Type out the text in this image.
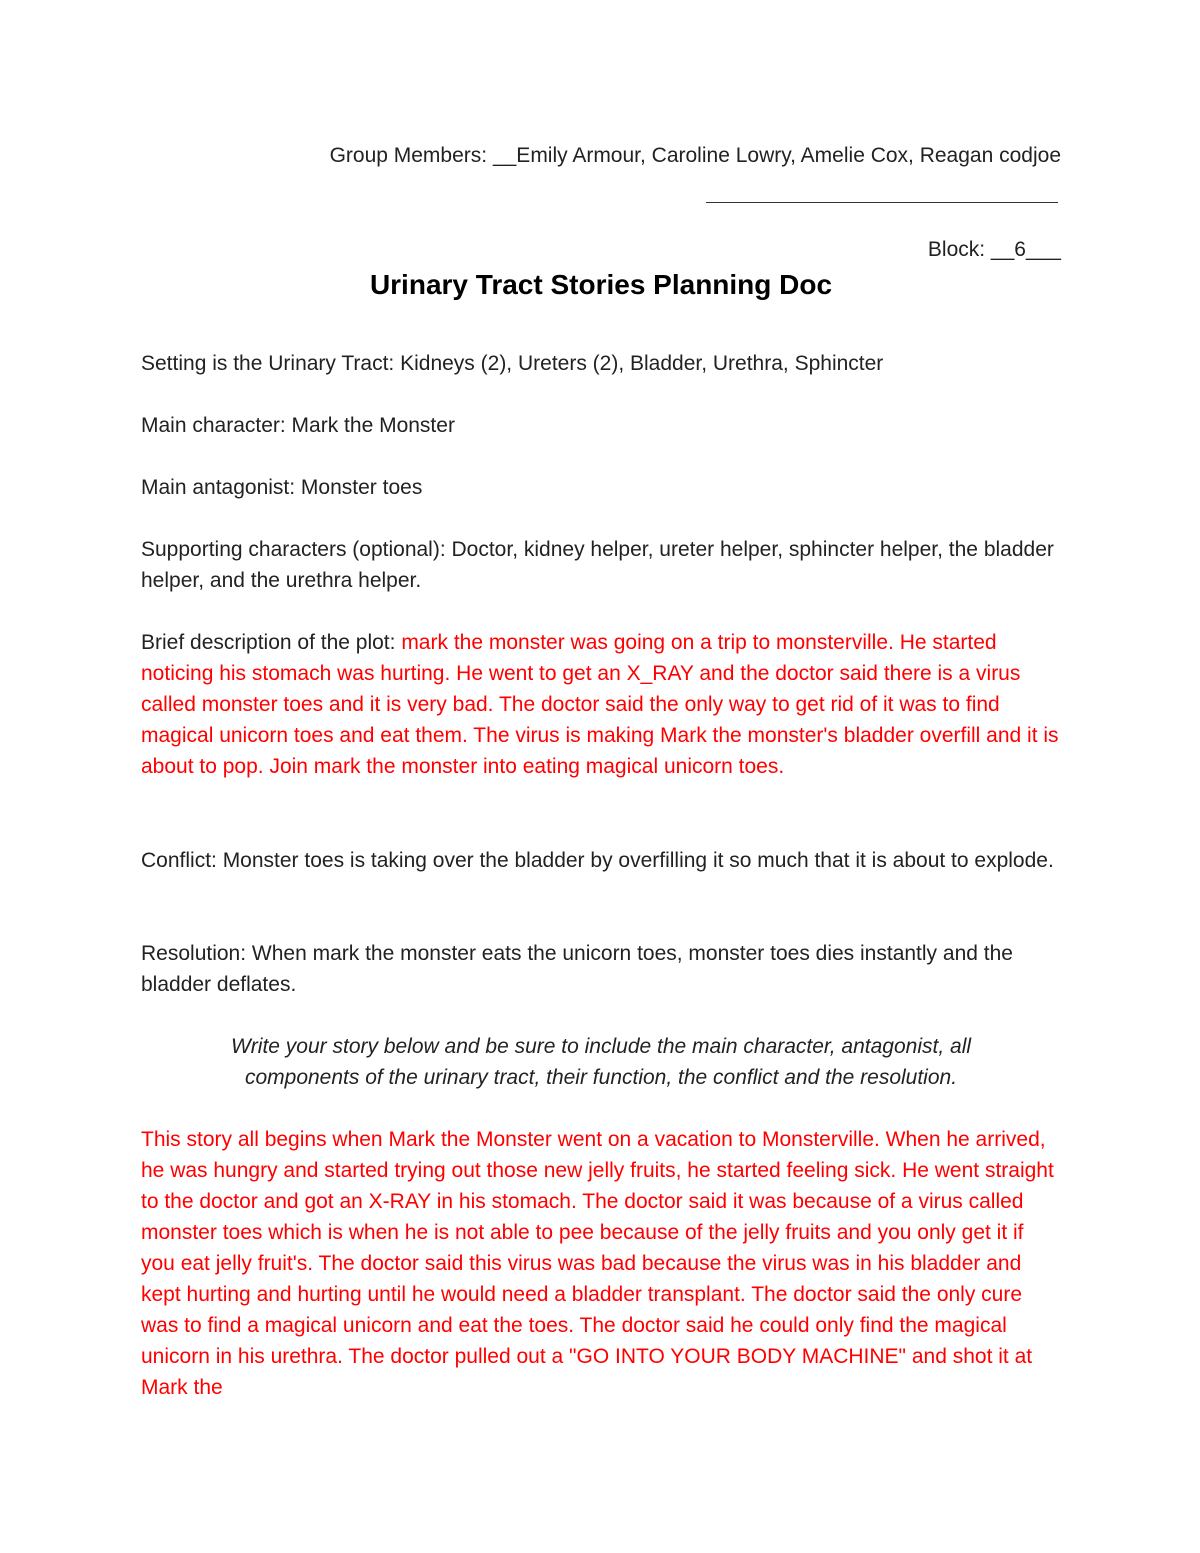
Group Members: __Emily Armour, Caroline Lowry, Amelie Cox, Reagan codjoe

Block: __6___

Urinary Tract Stories Planning Doc

Setting is the Urinary Tract: Kidneys (2), Ureters (2), Bladder, Urethra, Sphincter

Main character: Mark the Monster

Main antagonist: Monster toes

Supporting characters (optional): Doctor, kidney helper, ureter helper, sphincter helper, the bladder helper, and the urethra helper.

Brief description of the plot: mark the monster was going on a trip to monsterville. He started noticing his stomach was hurting. He went to get an X_RAY and the doctor said there is a virus called monster toes and it is very bad. The doctor said the only way to get rid of it was to find magical unicorn toes and eat them. The virus is making Mark the monster's bladder overfill and it is about to pop. Join mark the monster into eating magical unicorn toes.

Conflict: Monster toes is taking over the bladder by overfilling it so much that it is about to explode.

Resolution: When mark the monster eats the unicorn toes, monster toes dies instantly and the bladder deflates.

Write your story below and be sure to include the main character, antagonist, all components of the urinary tract, their function, the conflict and the resolution.

This story all begins when Mark the Monster went on a vacation to Monsterville. When he arrived, he was hungry and started trying out those new jelly fruits, he started feeling sick. He went straight to the doctor and got an X-RAY in his stomach. The doctor said it was because of a virus called monster toes which is when he is not able to pee because of the jelly fruits and you only get it if you eat jelly fruit's. The doctor said this virus was bad because the virus was in his bladder and kept hurting and hurting until he would need a bladder transplant. The doctor said the only cure was to find a magical unicorn and eat the toes. The doctor said he could only find the magical unicorn in his urethra. The doctor pulled out a "GO INTO YOUR BODY MACHINE" and shot it at Mark the
